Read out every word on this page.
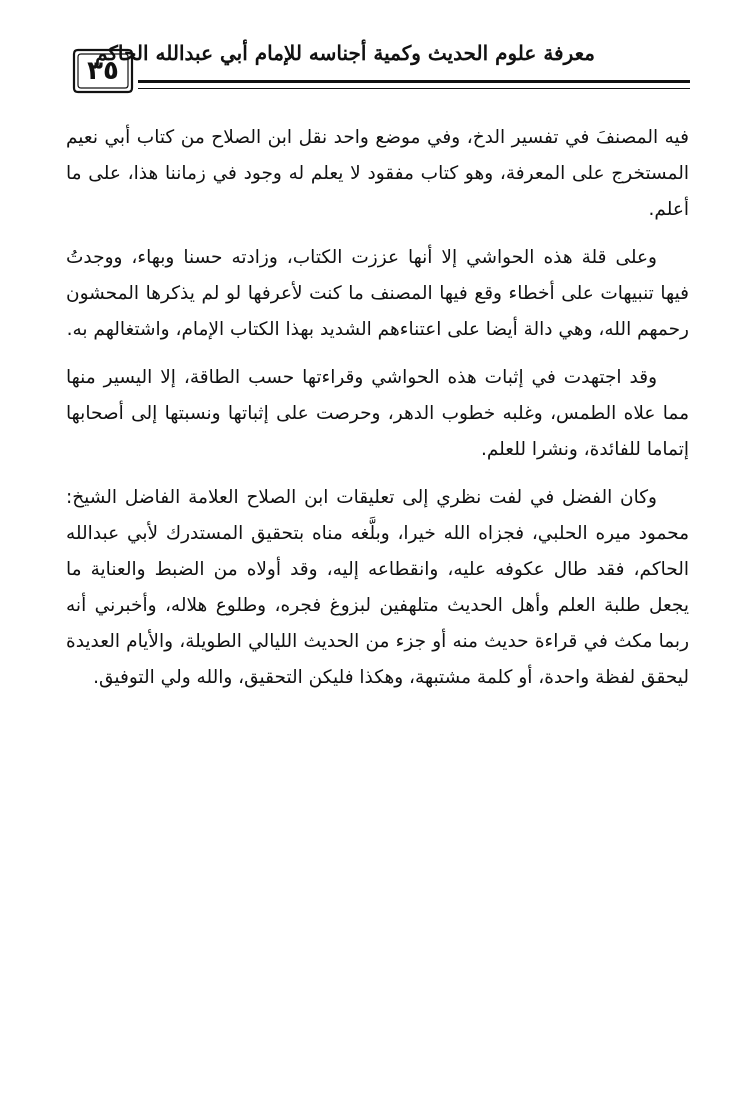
معرفة علوم الحديث وكمية أجناسه للإمام أبي عبدالله الحاكم
٣٥

فيه المصنفَ في تفسير الدخ، وفي موضع واحد نقل ابن الصلاح من كتاب أبي نعيم المستخرج على المعرفة، وهو كتاب مفقود لا يعلم له وجود في زماننا هذا، على ما أعلم.

وعلى قلة هذه الحواشي إلا أنها عززت الكتاب، وزادته حسنا وبهاء، ووجدتُ فيها تنبيهات على أخطاء وقع فيها المصنف ما كنت لأعرفها لو لم يذكرها المحشون رحمهم الله، وهي دالة أيضا على اعتناءهم الشديد بهذا الكتاب الإمام، واشتغالهم به.

وقد اجتهدت في إثبات هذه الحواشي وقراءتها حسب الطاقة، إلا اليسير منها مما علاه الطمس، وغلبه خطوب الدهر، وحرصت على إثباتها ونسبتها إلى أصحابها إتماما للفائدة، ونشرا للعلم.

وكان الفضل في لفت نظري إلى تعليقات ابن الصلاح العلامة الفاضل الشيخ: محمود ميره الحلبي، فجزاه الله خيرا، وبلَّغه مناه بتحقيق المستدرك لأبي عبدالله الحاكم، فقد طال عكوفه عليه، وانقطاعه إليه، وقد أولاه من الضبط والعناية ما يجعل طلبة العلم وأهل الحديث متلهفين لبزوغ فجره، وطلوع هلاله، وأخبرني أنه ربما مكث في قراءة حديث منه أو جزء من الحديث الليالي الطويلة، والأيام العديدة ليحقق لفظة واحدة، أو كلمة مشتبهة، وهكذا فليكن التحقيق، والله ولي التوفيق.
